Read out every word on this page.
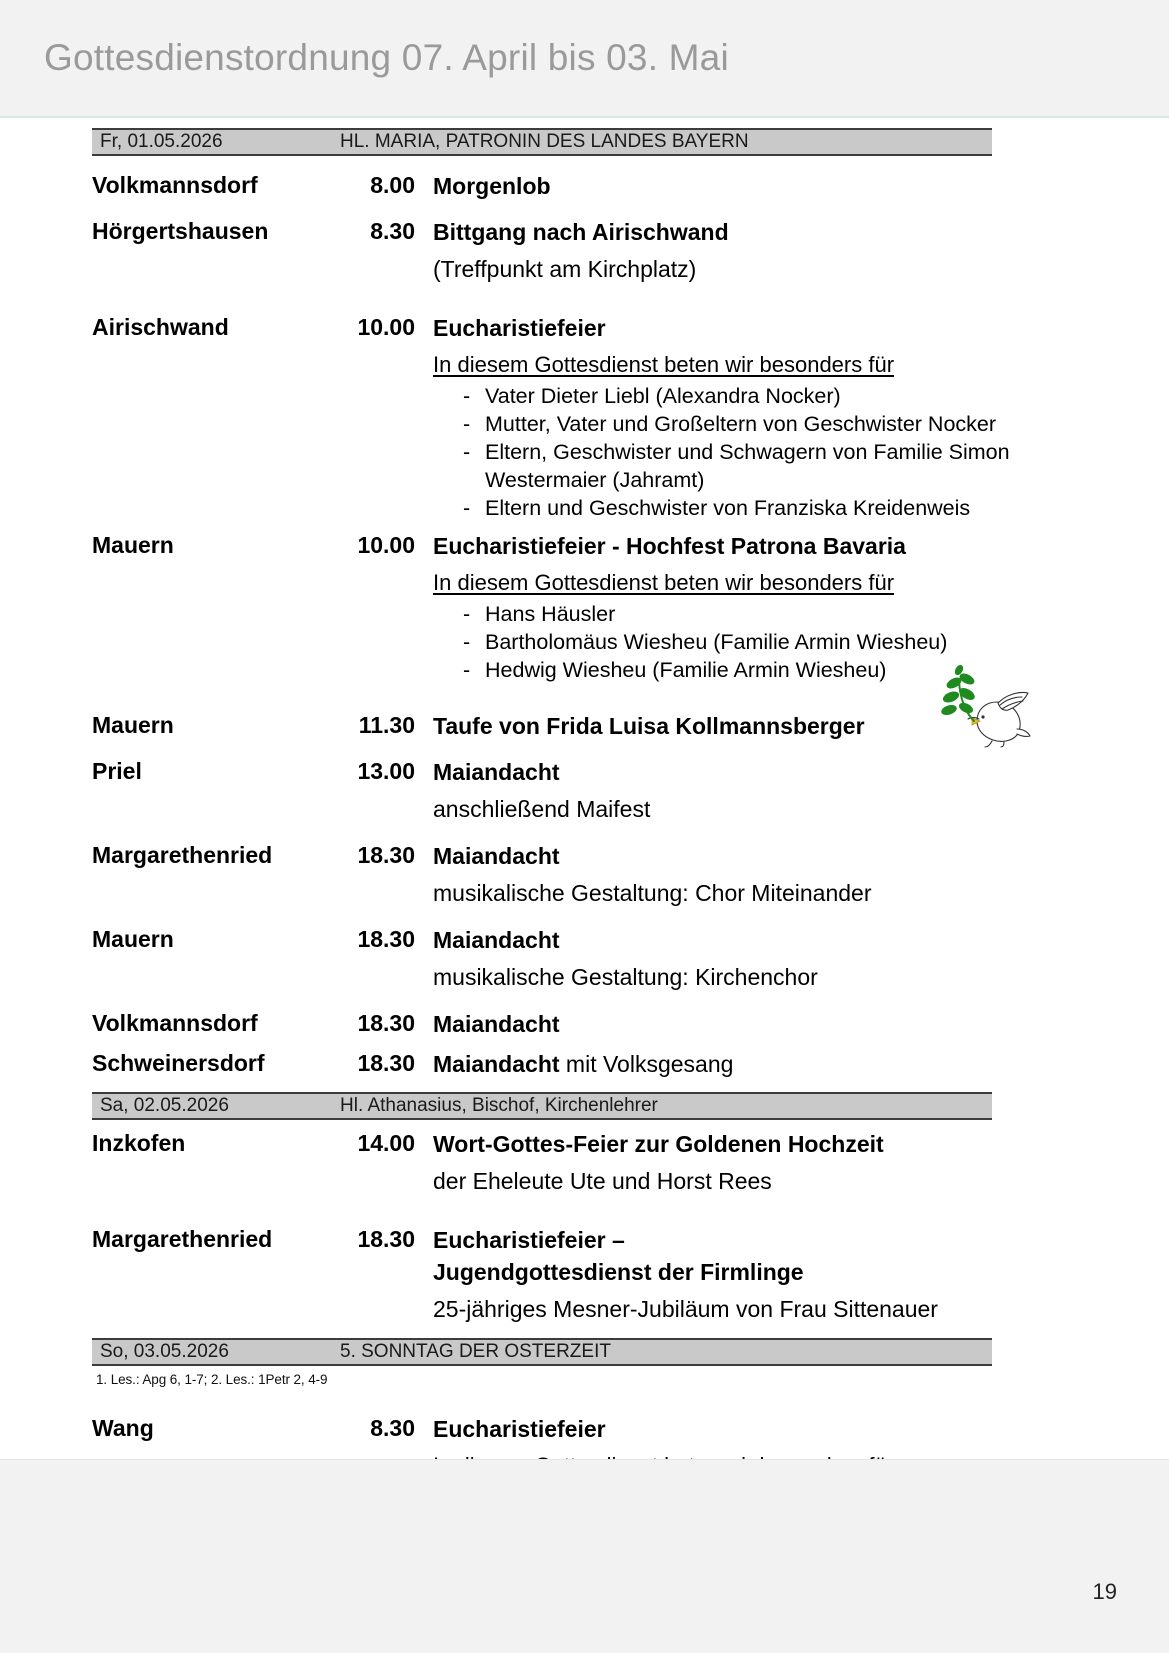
Gottesdienstordnung 07. April bis 03. Mai
Fr, 01.05.2026	HL. MARIA, PATRONIN DES LANDES BAYERN
Volkmannsdorf	8.00 Morgenlob
Hörgertshausen	8.30 Bittgang nach Airischwand
(Treffpunkt am Kirchplatz)
Airischwand	10.00 Eucharistiefeier
In diesem Gottesdienst beten wir besonders für
- Vater Dieter Liebl (Alexandra Nocker)
- Mutter, Vater und Großeltern von Geschwister Nocker
- Eltern, Geschwister und Schwagern von Familie Simon Westermaier (Jahramt)
- Eltern und Geschwister von Franziska Kreidenweis
Mauern	10.00 Eucharistiefeier - Hochfest Patrona Bavaria
In diesem Gottesdienst beten wir besonders für
- Hans Häusler
- Bartholomäus Wiesheu (Familie Armin Wiesheu)
- Hedwig Wiesheu (Familie Armin Wiesheu)
Mauern	11.30 Taufe von Frida Luisa Kollmannsberger
Priel	13.00 Maiandacht
anschließend Maifest
Margarethenried	18.30 Maiandacht
musikalische Gestaltung: Chor Miteinander
Mauern	18.30 Maiandacht
musikalische Gestaltung: Kirchenchor
Volkmannsdorf	18.30 Maiandacht
Schweinersdorf	18.30 Maiandacht mit Volksgesang
Sa, 02.05.2026	Hl. Athanasius, Bischof, Kirchenlehrer
Inzkofen	14.00 Wort-Gottes-Feier zur Goldenen Hochzeit
der Eheleute Ute und Horst Rees
Margarethenried	18.30 Eucharistiefeier –
Jugendgottesdienst der Firmlinge
25-jähriges Mesner-Jubiläum von Frau Sittenauer
So, 03.05.2026	5. SONNTAG DER OSTERZEIT
1. Les.: Apg 6, 1-7; 2. Les.: 1Petr 2, 4-9
Wang	8.30 Eucharistiefeier
-
19
